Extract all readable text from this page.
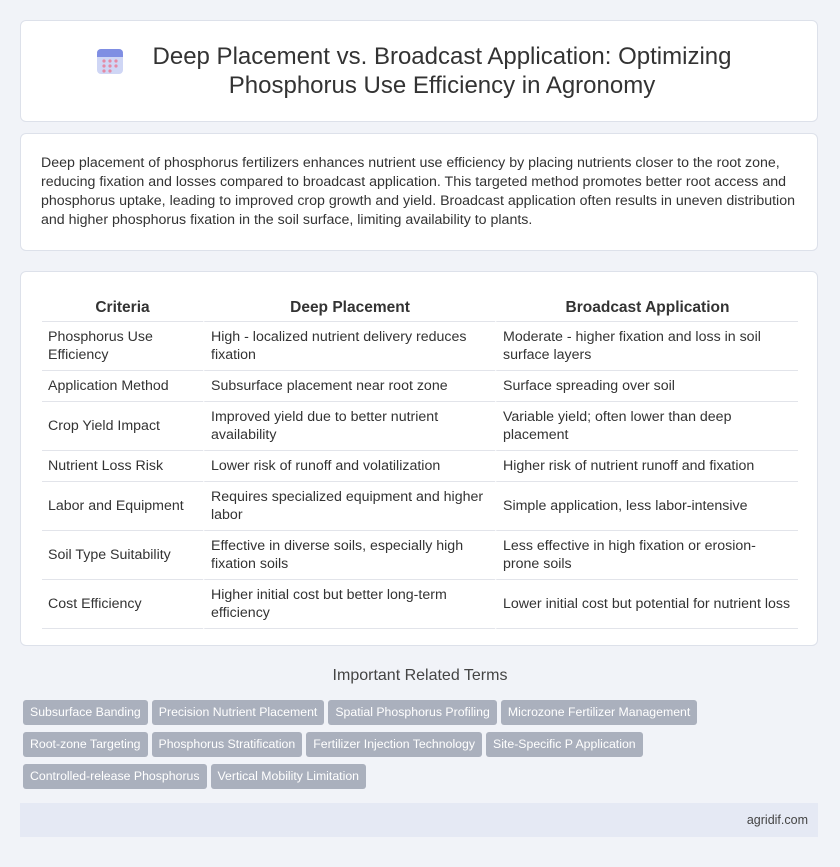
Deep Placement vs. Broadcast Application: Optimizing Phosphorus Use Efficiency in Agronomy

Deep placement of phosphorus fertilizers enhances nutrient use efficiency by placing nutrients closer to the root zone, reducing fixation and losses compared to broadcast application. This targeted method promotes better root access and phosphorus uptake, leading to improved crop growth and yield. Broadcast application often results in uneven distribution and higher phosphorus fixation in the soil surface, limiting availability to plants.

Criteria	Deep Placement	Broadcast Application
Phosphorus Use Efficiency	High - localized nutrient delivery reduces fixation	Moderate - higher fixation and loss in soil surface layers
Application Method	Subsurface placement near root zone	Surface spreading over soil
Crop Yield Impact	Improved yield due to better nutrient availability	Variable yield; often lower than deep placement
Nutrient Loss Risk	Lower risk of runoff and volatilization	Higher risk of nutrient runoff and fixation
Labor and Equipment	Requires specialized equipment and higher labor	Simple application, less labor-intensive
Soil Type Suitability	Effective in diverse soils, especially high fixation soils	Less effective in high fixation or erosion-prone soils
Cost Efficiency	Higher initial cost but better long-term efficiency	Lower initial cost but potential for nutrient loss
Important Related Terms
Subsurface Banding Precision Nutrient Placement Spatial Phosphorus Profiling Microzone Fertilizer Management
Root-zone Targeting Phosphorus Stratification Fertilizer Injection Technology Site-Specific P Application
Controlled-release Phosphorus Vertical Mobility Limitation
agridif.com
